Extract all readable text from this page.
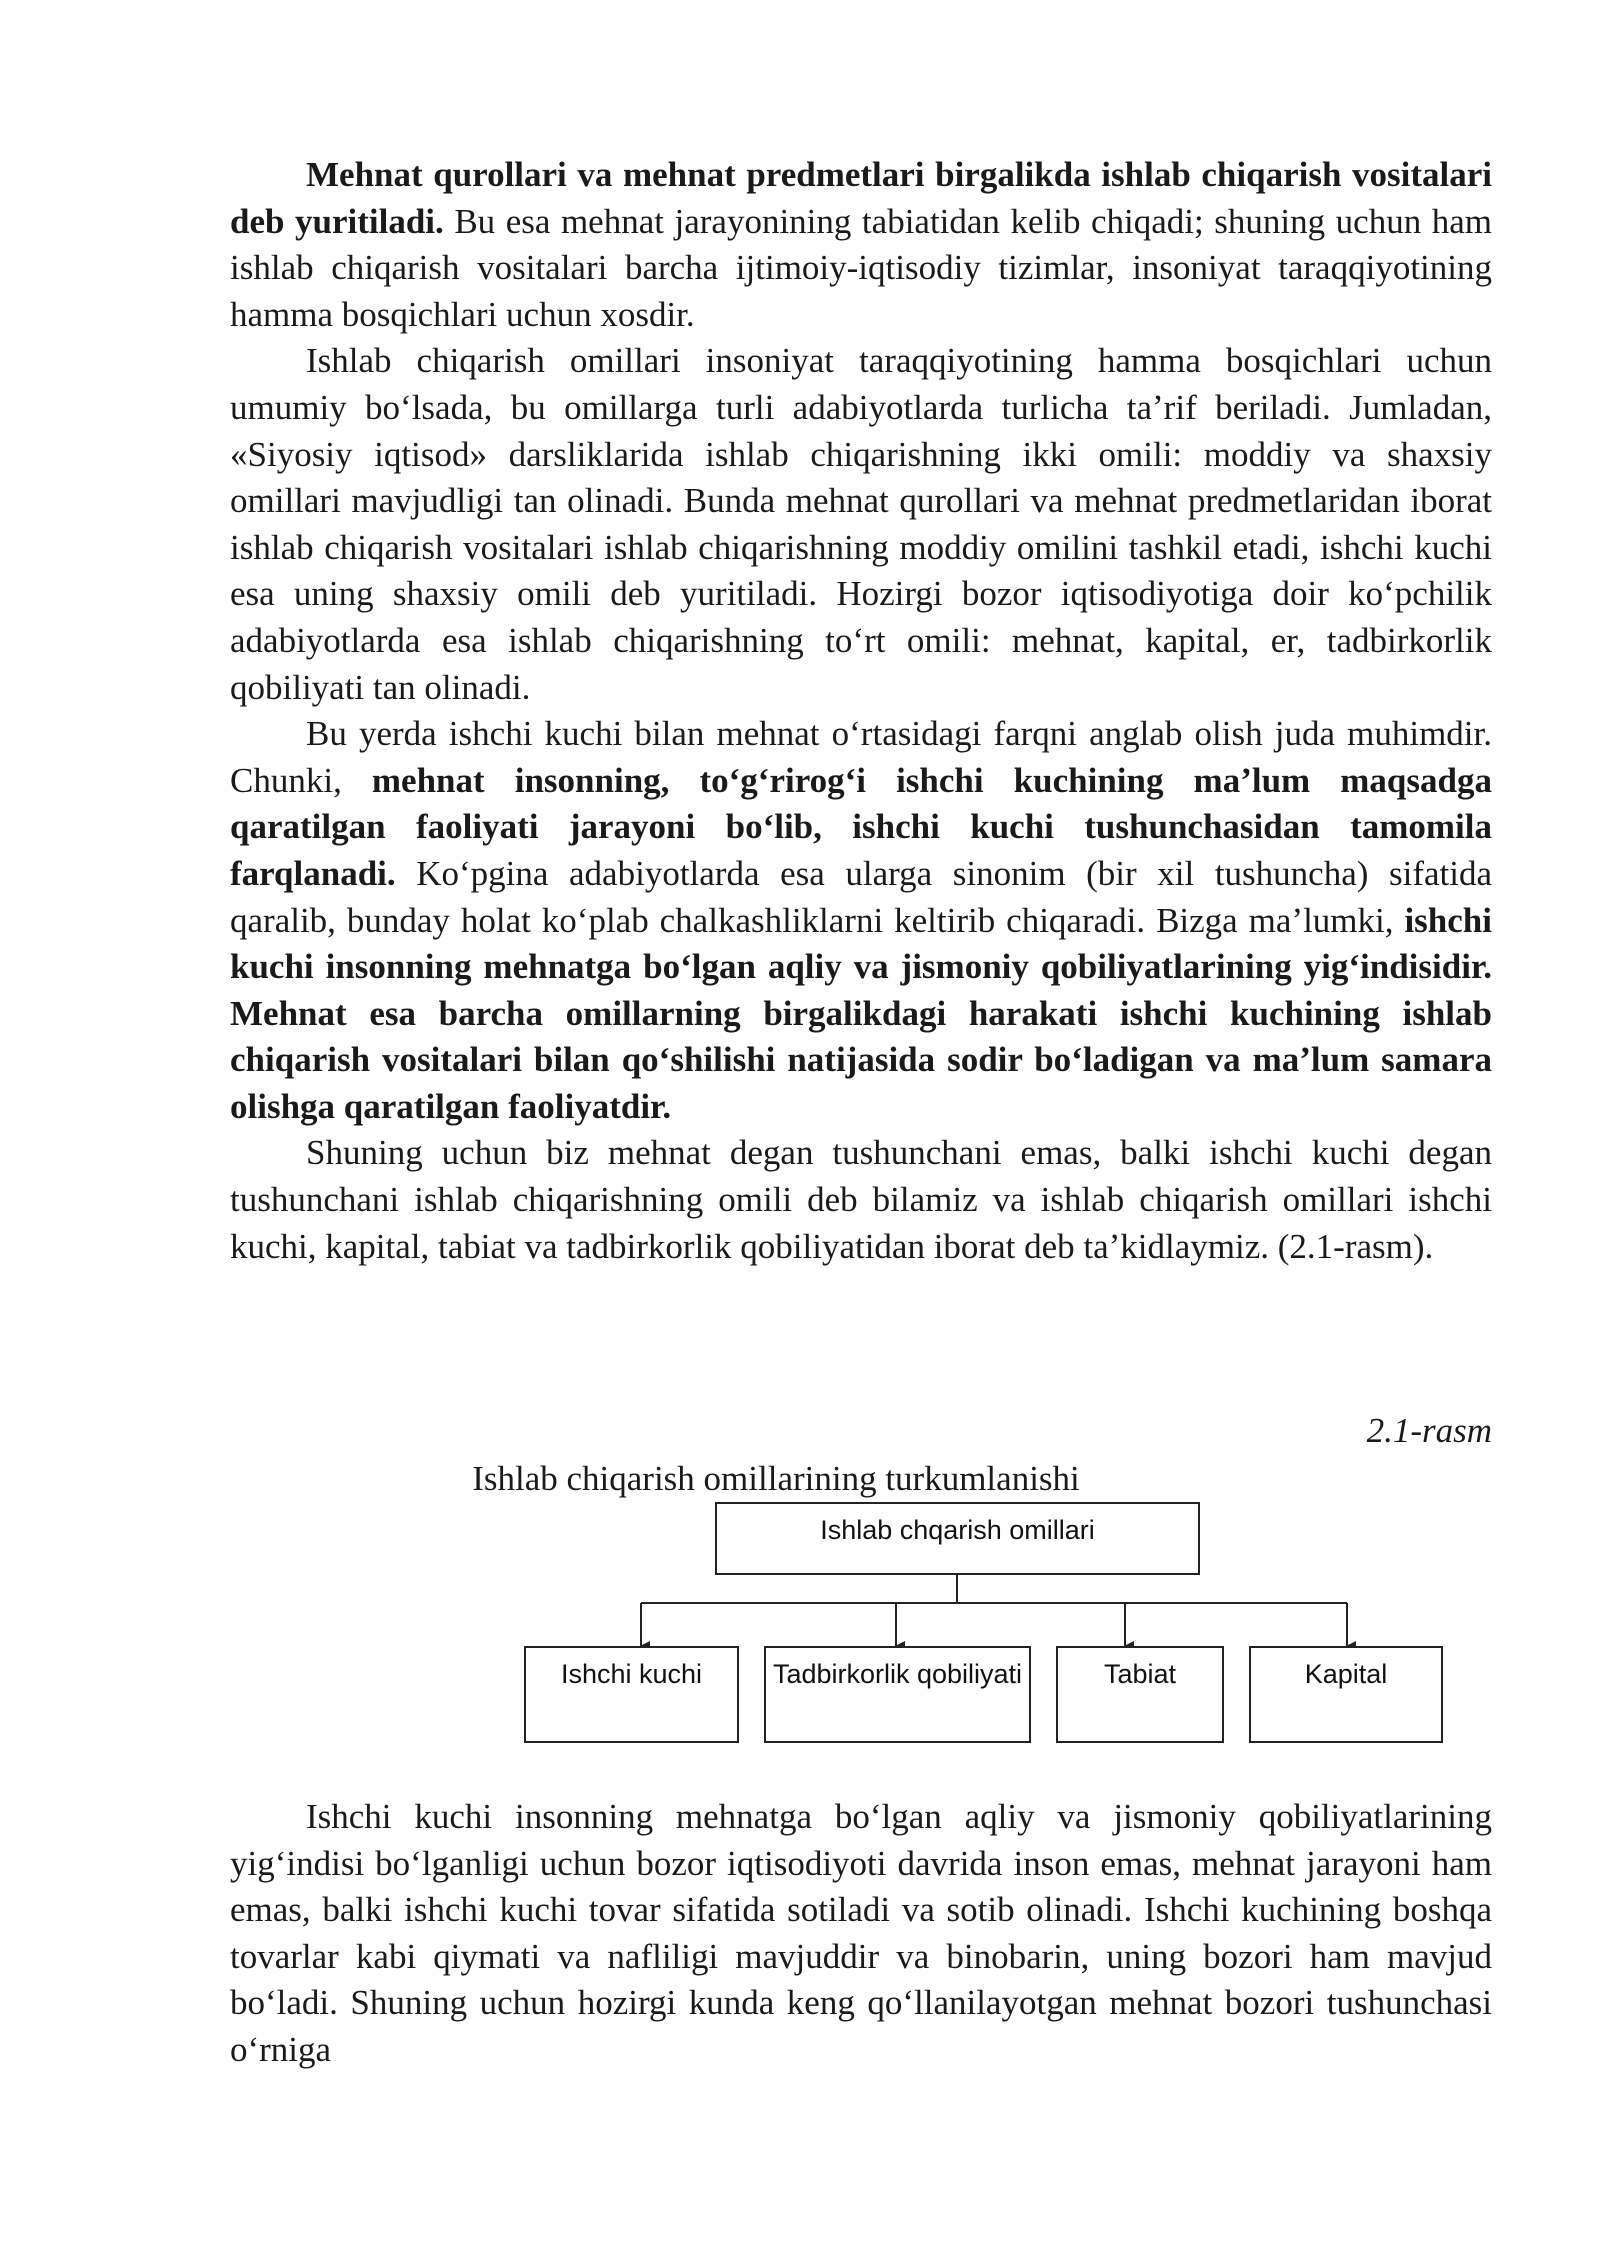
Mehnat qurollari va mehnat predmetlari birgalikda ishlab chiqarish vositalari deb yuritiladi. Bu esa mehnat jarayonining tabiatidan kelib chiqadi; shuning uchun ham ishlab chiqarish vositalari barcha ijtimoiy-iqtisodiy tizimlar, insoniyat taraqqiyotining hamma bosqichlari uchun xosdir.

Ishlab chiqarish omillari insoniyat taraqqiyotining hamma bosqichlari uchun umumiy boʻlsada, bu omillarga turli adabiyotlarda turlicha taʼrif beriladi. Jumladan, «Siyosiy iqtisod» darsliklarida ishlab chiqarishning ikki omili: moddiy va shaxsiy omillari mavjudligi tan olinadi. Bunda mehnat qurollari va mehnat predmetlaridan iborat ishlab chiqarish vositalari ishlab chiqarishning moddiy omilini tashkil etadi, ishchi kuchi esa uning shaxsiy omili deb yuritiladi. Hozirgi bozor iqtisodiyotiga doir koʻpchilik adabiyotlarda esa ishlab chiqarishning toʻrt omili: mehnat, kapital, er, tadbirkorlik qobiliyati tan olinadi.

Bu yerda ishchi kuchi bilan mehnat oʻrtasidagi farqni anglab olish juda muhimdir. Chunki, mehnat insonning, toʻgʻrirogʻi ishchi kuchining maʼlum maqsadga qaratilgan faoliyati jarayoni boʻlib, ishchi kuchi tushunchasidan tamomila farqlanadi. Koʻpgina adabiyotlarda esa ularga sinonim (bir xil tushuncha) sifatida qaralib, bunday holat koʻplab chalkashliklarni keltirib chiqaradi. Bizga maʼlumki, ishchi kuchi insonning mehnatga boʻlgan aqliy va jismoniy qobiliyatlarining yigʻindisidir. Mehnat esa barcha omillarning birgalikdagi harakati ishchi kuchining ishlab chiqarish vositalari bilan qoʻshilishi natijasida sodir boʻladigan va maʼlum samara olishga qaratilgan faoliyatdir.

Shuning uchun biz mehnat degan tushunchani emas, balki ishchi kuchi degan tushunchani ishlab chiqarishning omili deb bilamiz va ishlab chiqarish omillari ishchi kuchi, kapital, tabiat va tadbirkorlik qobiliyatidan iborat deb taʼkidlaymiz. (2.1-rasm).

2.1-rasm
Ishlab chiqarish omillarining turkumlanishi
Ishlab chqarish omillari
Ishchi kuchi	Tadbirkorlik qobiliyati	Tabiat	Kapital

Ishchi kuchi insonning mehnatga boʻlgan aqliy va jismoniy qobiliyatlarining yigʻindisi boʻlganligi uchun bozor iqtisodiyoti davrida inson emas, mehnat jarayoni ham emas, balki ishchi kuchi tovar sifatida sotiladi va sotib olinadi. Ishchi kuchining boshqa tovarlar kabi qiymati va nafliligi mavjuddir va binobarin, uning bozori ham mavjud boʻladi. Shuning uchun hozirgi kunda keng qoʻllanilayotgan mehnat bozori tushunchasi oʻrniga
